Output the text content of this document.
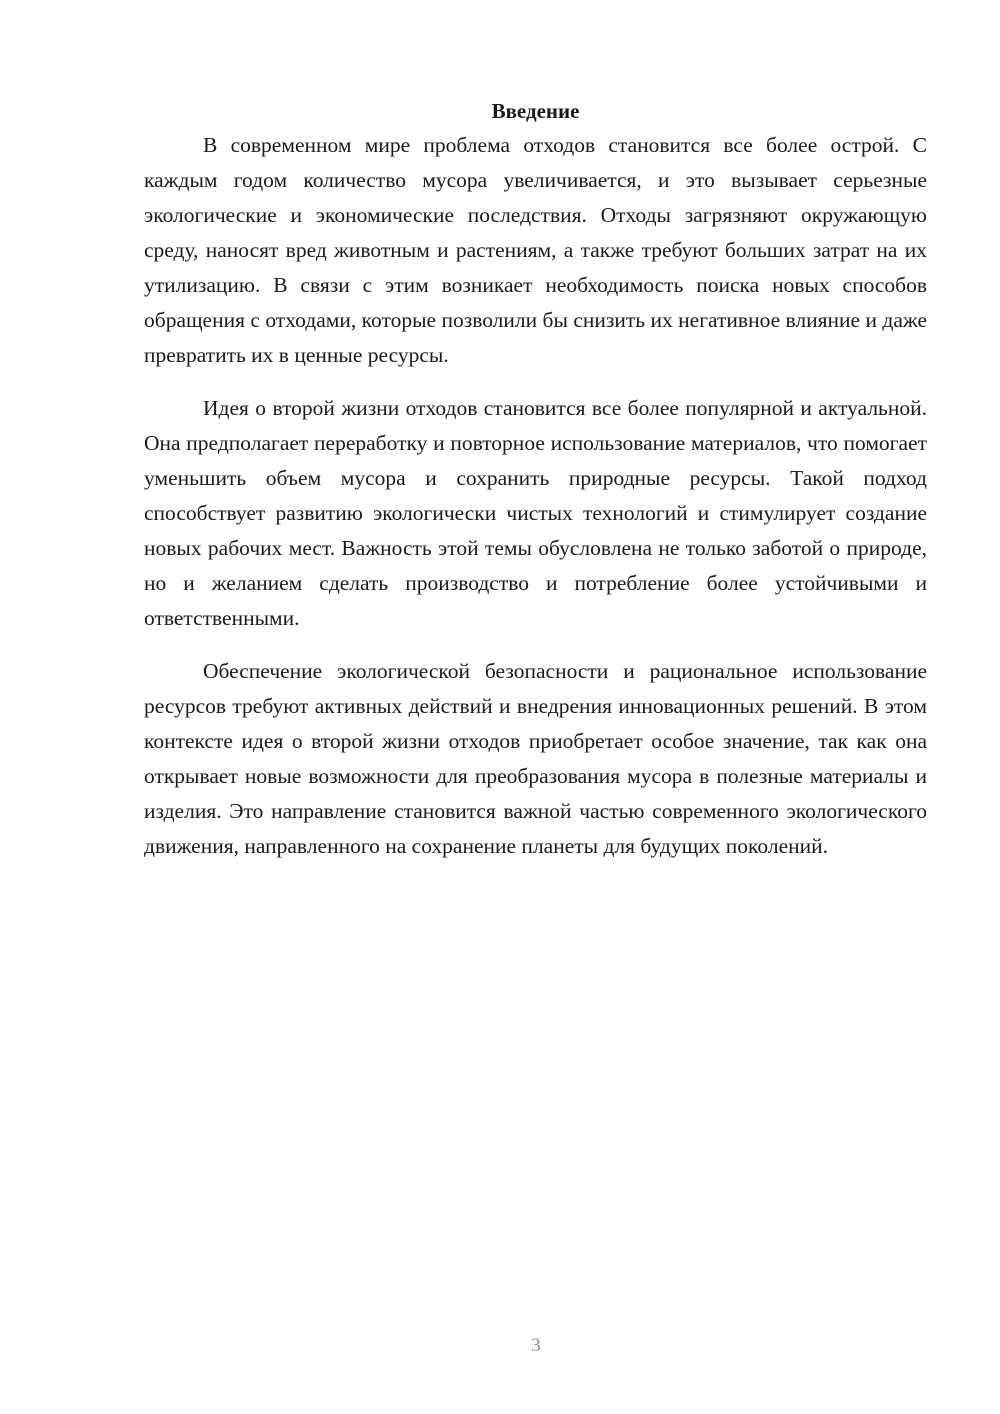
Введение

В современном мире проблема отходов становится все более острой. С каждым годом количество мусора увеличивается, и это вызывает серьезные экологические и экономические последствия. Отходы загрязняют окружающую среду, наносят вред животным и растениям, а также требуют больших затрат на их утилизацию. В связи с этим возникает необходимость поиска новых способов обращения с отходами, которые позволили бы снизить их негативное влияние и даже превратить их в ценные ресурсы.

Идея о второй жизни отходов становится все более популярной и актуальной. Она предполагает переработку и повторное использование материалов, что помогает уменьшить объем мусора и сохранить природные ресурсы. Такой подход способствует развитию экологически чистых технологий и стимулирует создание новых рабочих мест. Важность этой темы обусловлена не только заботой о природе, но и желанием сделать производство и потребление более устойчивыми и ответственными.

Обеспечение экологической безопасности и рациональное использование ресурсов требуют активных действий и внедрения инновационных решений. В этом контексте идея о второй жизни отходов приобретает особое значение, так как она открывает новые возможности для преобразования мусора в полезные материалы и изделия. Это направление становится важной частью современного экологического движения, направленного на сохранение планеты для будущих поколений.

3
